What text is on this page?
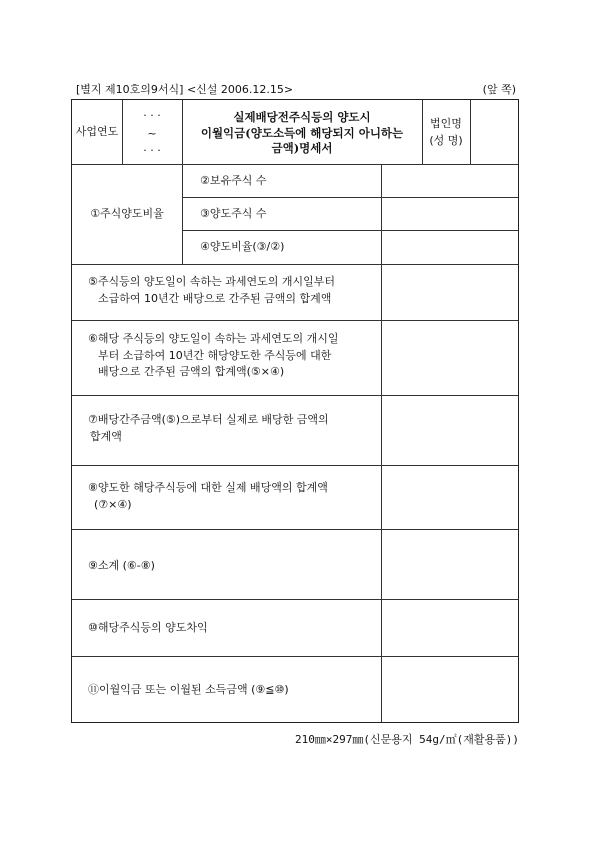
[별지 제10호의9서식] <신설 2006.12.15>	(앞 쪽)
사업연도
· · ·
~
· · ·
실제배당전주식등의 양도시
이월익금(양도소득에 해당되지 아니하는
금액)명세서
법인명
(성 명)
①주식양도비율
②보유주식 수
③양도주식 수
④양도비율(③/②)
⑤주식등의 양도일이 속하는 과세연도의 개시일부터
소급하여 10년간 배당으로 간주된 금액의 합계액
⑥해당 주식등의 양도일이 속하는 과세연도의 개시일
부터 소급하여 10년간 해당양도한 주식등에 대한
배당으로 간주된 금액의 합계액(⑤×④)
⑦배당간주금액(⑤)으로부터 실제로 배당한 금액의
합계액
⑧양도한 해당주식등에 대한 실제 배당액의 합계액
(⑦×④)
⑨소계 (⑥-⑧)
⑩해당주식등의 양도차익
⑪이월익금 또는 이월된 소득금액 (⑨≦⑩)
210㎜×297㎜(신문용지 54g/㎡(재활용품))
